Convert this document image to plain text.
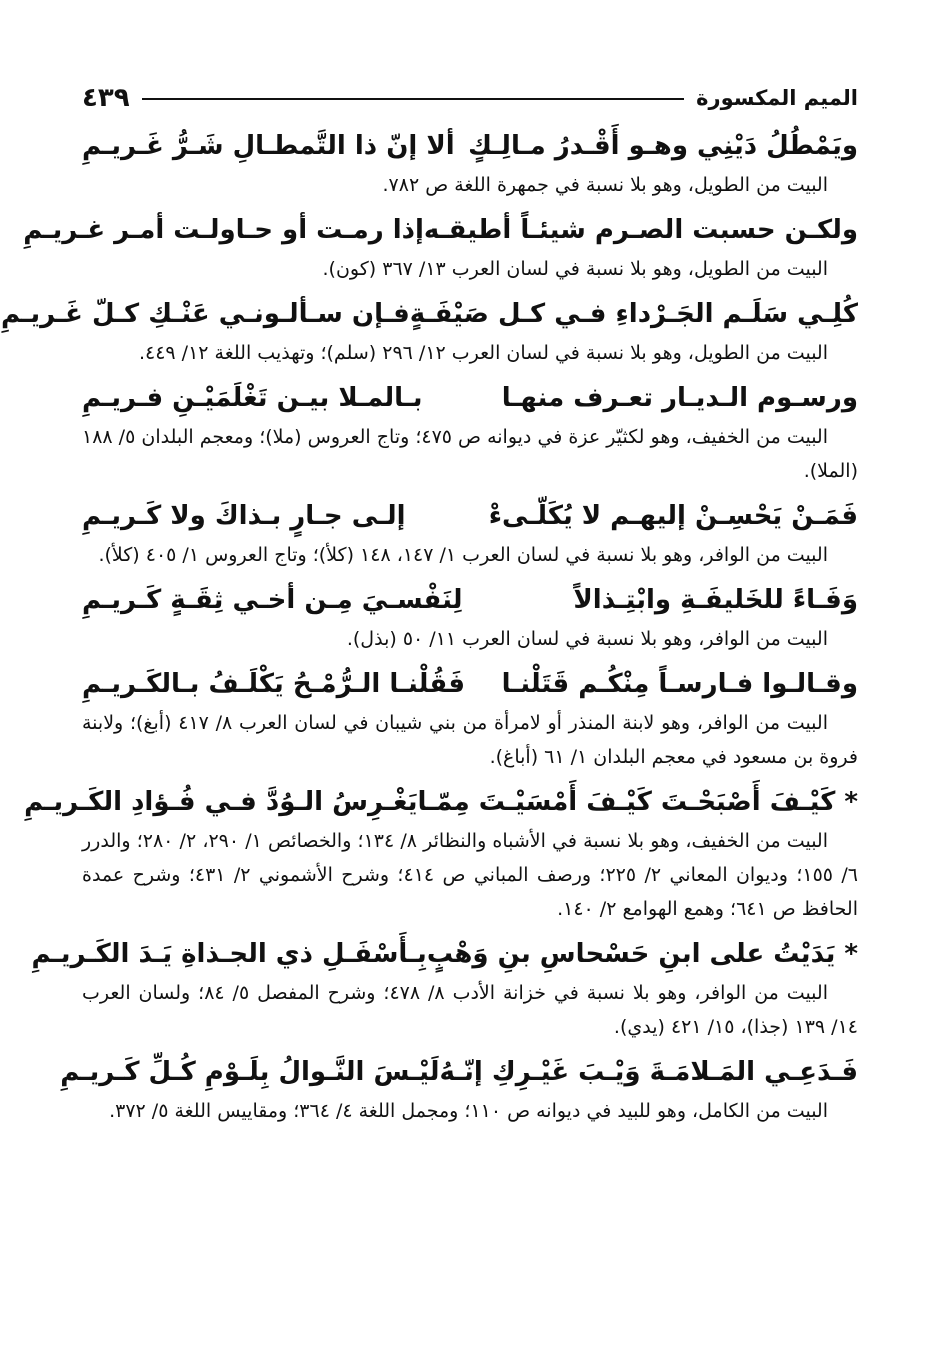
الميم المكسورة
٤٣٩
ويَمْطُلُ دَيْنِي وهـو أَقْـدرُ مـالِـكٍ
ألا إنّ ذا التَّمطـالِ شَـرُّ غَـريـمِ

البيت من الطويل، وهو بلا نسبة في جمهرة اللغة ص ٧٨٢.

ولكـن حسبت الصـرم شيئـاً أطيقـه
إذا رمـت أو حـاولـت أمـر غـريـمِ

البيت من الطويل، وهو بلا نسبة في لسان العرب ١٣/ ٣٦٧ (كون).

كُلِـي سَلَـم الجَـرْداءِ فـي كـل صَيْفَـةٍ
فـإن سـألـونـي عَنْـكِ كـلّ غَـريـمِ

البيت من الطويل، وهو بلا نسبة في لسان العرب ١٢/ ٢٩٦ (سلم)؛ وتهذيب اللغة ١٢/ ٤٤٩.

ورسـوم الـديـار تعـرف منهـا
بـالمـلا بيـن تَغْلَمَيْـنِ فـريـمِ

البيت من الخفيف، وهو لكثيّر عزة في ديوانه ص ٤٧٥؛ وتاج العروس (ملا)؛ ومعجم البلدان ٥/ ١٨٨ (الملا).

فَمَـنْ يَحْسِـنْ إليهـم لا يُكَلّـىءْ
إلـى جـارٍ بـذاكَ ولا كَـريـمِ

البيت من الوافر، وهو بلا نسبة في لسان العرب ١/ ١٤٧، ١٤٨ (كلأ)؛ وتاج العروس ١/ ٤٠٥ (كلأ).

وَفَـاءً للخَليفَـةِ وابْتِـذالاً
لِنَفْسـيَ مِـن أخـي ثِقَـةٍ كَـريـمِ

البيت من الوافر، وهو بلا نسبة في لسان العرب ١١/ ٥٠ (بذل).

وقـالـوا فـارسـاً مِنْكُـم قَتَلْنـا
فَقُلْنـا الـرُّمْـحُ يَكْلَـفُ بـالكَـريـمِ

البيت من الوافر، وهو لابنة المنذر أو لامرأة من بني شيبان في لسان العرب ٨/ ٤١٧ (أبغ)؛ ولابنة فروة بن مسعود في معجم البلدان ١/ ٦١ (أباغ).

* كَيْـفَ أَصْبَحْـتَ كَيْـفَ أَمْسَيْـتَ مِمّـا
يَغْـرِسُ الـوُدَّ فـي فُـؤادِ الكَـريـمِ

البيت من الخفيف، وهو بلا نسبة في الأشباه والنظائر ٨/ ١٣٤؛ والخصائص ١/ ٢٩٠، ٢/ ٢٨٠؛ والدرر ٦/ ١٥٥؛ وديوان المعاني ٢/ ٢٢٥؛ ورصف المباني ص ٤١٤؛ وشرح الأشموني ٢/ ٤٣١؛ وشرح عمدة الحافظ ص ٦٤١؛ وهمع الهوامع ٢/ ١٤٠.

* يَدَيْتُ على ابنِ حَسْحاسِ بنِ وَهْبٍ
بِـأَسْفَـلِ ذي الجـذاةِ يَـدَ الكَـريـمِ

البيت من الوافر، وهو بلا نسبة في خزانة الأدب ٨/ ٤٧٨؛ وشرح المفصل ٥/ ٨٤؛ ولسان العرب ١٤/ ١٣٩ (جذا)، ١٥/ ٤٢١ (يدي).

فَـدَعِـي المَـلامَـةَ وَيْـبَ غَيْـرِكِ إنّـهُ
لَيْـسَ النَّـوالُ بِلَـوْمِ كُـلِّ كَـريـمِ

البيت من الكامل، وهو للبيد في ديوانه ص ١١٠؛ ومجمل اللغة ٤/ ٣٦٤؛ ومقاييس اللغة ٥/ ٣٧٢.
